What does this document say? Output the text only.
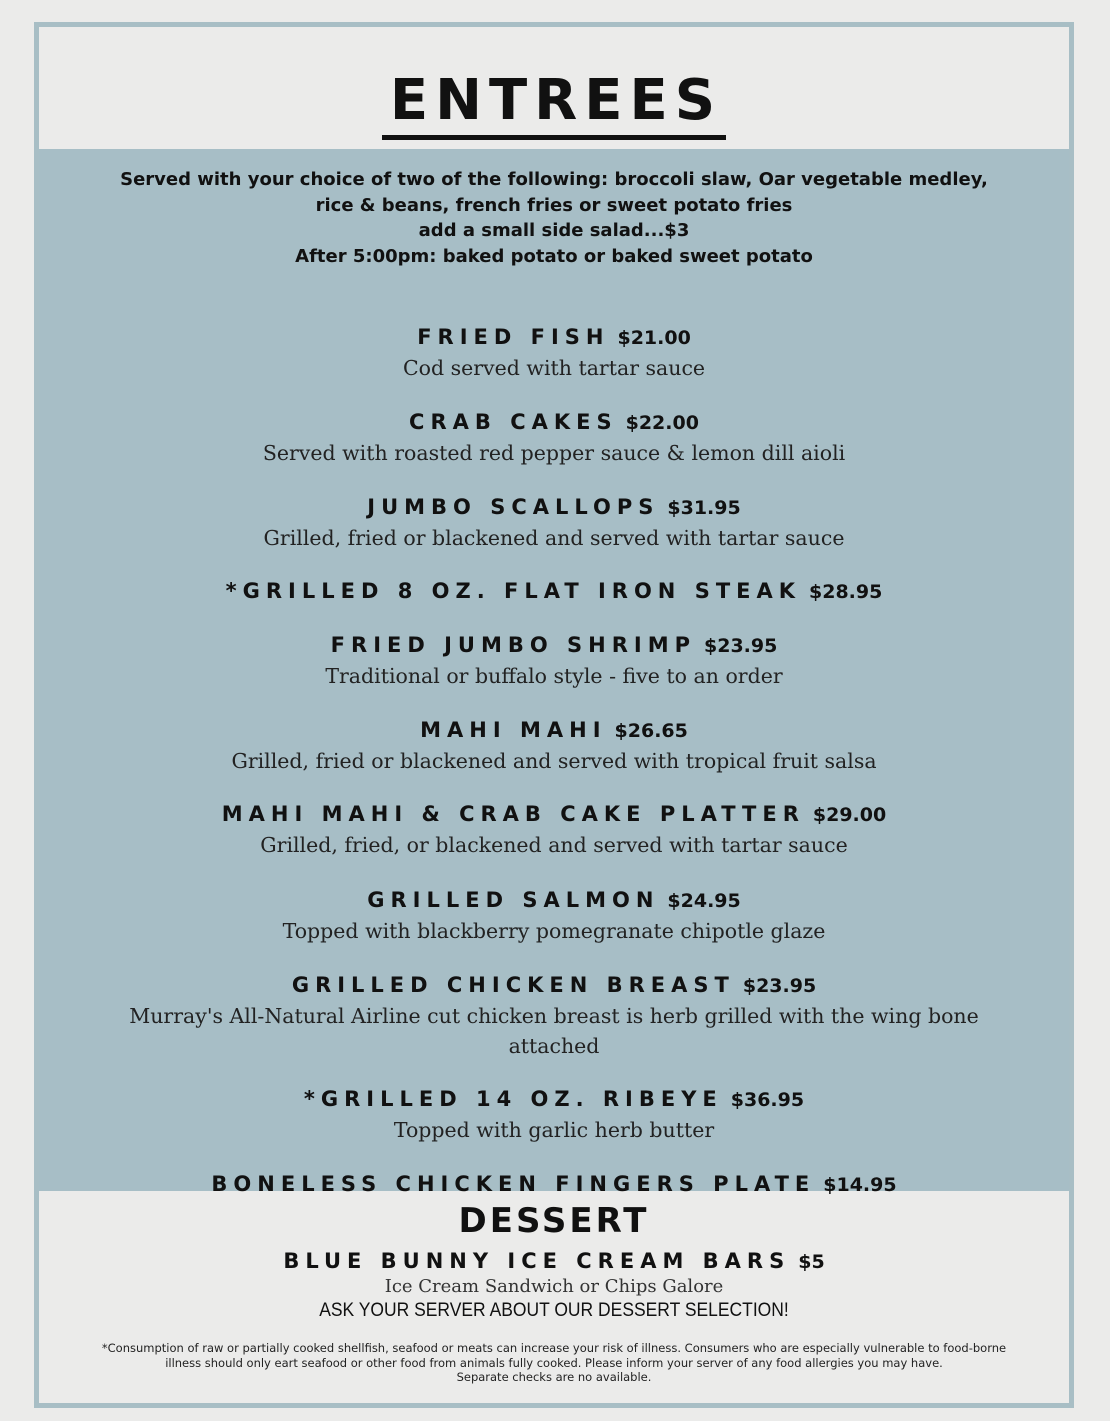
ENTREES
Served with your choice of two of the following: broccoli slaw, Oar vegetable medley,
rice & beans, french fries or sweet potato fries
add a small side salad...$3
After 5:00pm: baked potato or baked sweet potato
FRIED FISH $21.00
Cod served with tartar sauce
CRAB CAKES $22.00
Served with roasted red pepper sauce & lemon dill aioli
JUMBO SCALLOPS $31.95
Grilled, fried or blackened and served with tartar sauce
*GRILLED 8 OZ. FLAT IRON STEAK $28.95
FRIED JUMBO SHRIMP $23.95
Traditional or buffalo style - five to an order
MAHI MAHI $26.65
Grilled, fried or blackened and served with tropical fruit salsa
MAHI MAHI & CRAB CAKE PLATTER $29.00
Grilled, fried, or blackened and served with tartar sauce
GRILLED SALMON $24.95
Topped with blackberry pomegranate chipotle glaze
GRILLED CHICKEN BREAST $23.95
Murray's All-Natural Airline cut chicken breast is herb grilled with the wing bone attached
*GRILLED 14 OZ. RIBEYE $36.95
Topped with garlic herb butter
BONELESS CHICKEN FINGERS PLATE $14.95
DESSERT
BLUE BUNNY ICE CREAM BARS $5
Ice Cream Sandwich or Chips Galore
ASK YOUR SERVER ABOUT OUR DESSERT SELECTION!
*Consumption of raw or partially cooked shellfish, seafood or meats can increase your risk of illness. Consumers who are especially vulnerable to food-borne
illness should only eart seafood or other food from animals fully cooked. Please inform your server of any food allergies you may have.
Separate checks are no available.
